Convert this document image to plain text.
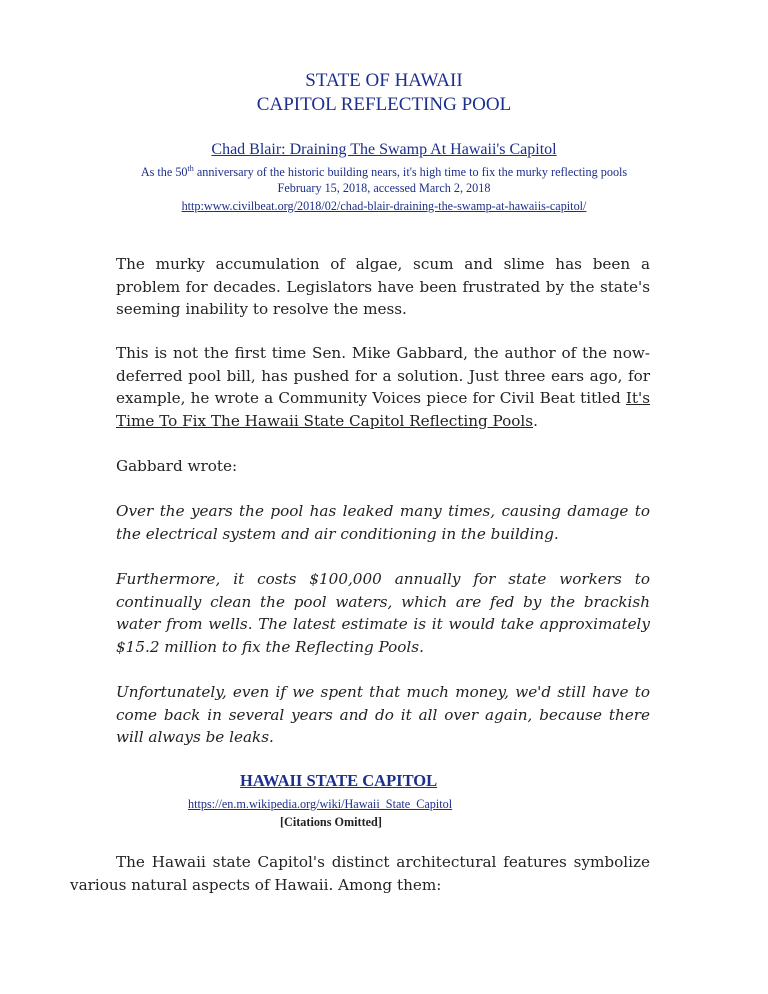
STATE OF HAWAII
CAPITOL REFLECTING POOL
Chad Blair: Draining The Swamp At Hawaii's Capitol
As the 50th anniversary of the historic building nears, it's high time to fix the murky reflecting pools
February 15, 2018, accessed March 2, 2018
http:www.civilbeat.org/2018/02/chad-blair-draining-the-swamp-at-hawaiis-capitol/
The murky accumulation of algae, scum and slime has been a problem for decades. Legislators have been frustrated by the state's seeming inability to resolve the mess.
This is not the first time Sen. Mike Gabbard, the author of the now-deferred pool bill, has pushed for a solution. Just three ears ago, for example, he wrote a Community Voices piece for Civil Beat titled It's Time To Fix The Hawaii State Capitol Reflecting Pools.
Gabbard wrote:
Over the years the pool has leaked many times, causing damage to the electrical system and air conditioning in the building.
Furthermore, it costs $100,000 annually for state workers to continually clean the pool waters, which are fed by the brackish water from wells. The latest estimate is it would take approximately $15.2 million to fix the Reflecting Pools.
Unfortunately, even if we spent that much money, we'd still have to come back in several years and do it all over again, because there will always be leaks.
HAWAII STATE CAPITOL
https://en.m.wikipedia.org/wiki/Hawaii_State_Capitol
[Citations Omitted]
The Hawaii state Capitol's distinct architectural features symbolize various natural aspects of Hawaii. Among them:
